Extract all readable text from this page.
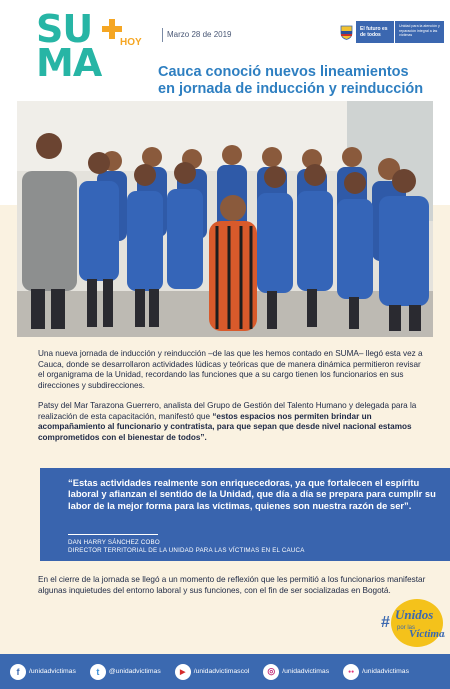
SU
MA HOY
Marzo 28 de 2019
El futuro es de todos
Unidad para la atención y reparación integral a las víctimas
Cauca conoció nuevos lineamientos
en jornada de inducción y reinducción

Una nueva jornada de inducción y reinducción –de las que les hemos contado en SUMA– llegó esta vez a Cauca, donde se desarrollaron actividades lúdicas y teóricas que de manera dinámica permitieron revisar el organigrama de la Unidad, recordando las funciones que a su cargo tienen los funcionarios en sus direcciones y subdirecciones.

Patsy del Mar Tarazona Guerrero, analista del Grupo de Gestión del Talento Humano y delegada para la realización de esta capacitación, manifestó que “estos espacios nos permiten brindar un acompañamiento al funcionario y contratista, para que sepan que desde nivel nacional estamos comprometidos con el bienestar de todos”.

“Estas actividades realmente son enriquecedoras, ya que fortalecen el espíritu laboral y afianzan el sentido de la Unidad, que día a día se prepara para cumplir su labor de la mejor forma para las víctimas, quienes son nuestra razón de ser”.
DAN HARRY SÁNCHEZ COBO
DIRECTOR TERRITORIAL DE LA UNIDAD PARA LAS VÍCTIMAS EN EL CAUCA

En el cierre de la jornada se llegó a un momento de reflexión que les permitió a los funcionarios manifestar algunas inquietudes del entorno laboral y sus funciones, con el fin de ser socializadas en Bogotá.

# Unidos
por las
Víctimas
f	/unidadvictimas	t	@unidadvictimas	▶	/unidadvictimascol	◎	/unidadvictimas	●●	/unidadvictimas
